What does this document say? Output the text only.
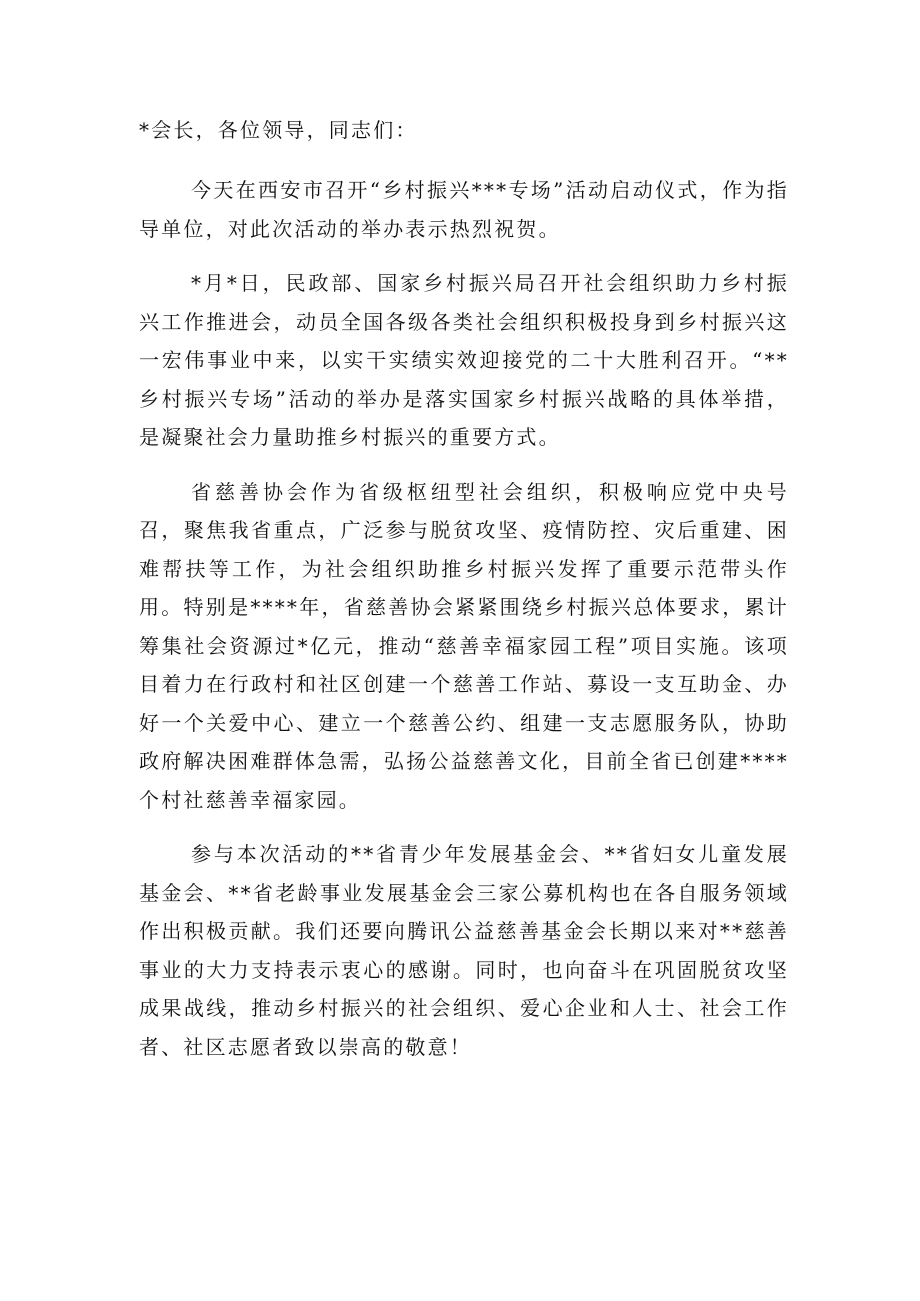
*会长，各位领导，同志们：

今天在西安市召开“乡村振兴***专场”活动启动仪式，作为指导单位，对此次活动的举办表示热烈祝贺。

*月*日，民政部、国家乡村振兴局召开社会组织助力乡村振兴工作推进会，动员全国各级各类社会组织积极投身到乡村振兴这一宏伟事业中来，以实干实绩实效迎接党的二十大胜利召开。“**乡村振兴专场”活动的举办是落实国家乡村振兴战略的具体举措，是凝聚社会力量助推乡村振兴的重要方式。

省慈善协会作为省级枢纽型社会组织，积极响应党中央号召，聚焦我省重点，广泛参与脱贫攻坚、疫情防控、灾后重建、困难帮扶等工作，为社会组织助推乡村振兴发挥了重要示范带头作用。特别是****年，省慈善协会紧紧围绕乡村振兴总体要求，累计筹集社会资源过*亿元，推动“慈善幸福家园工程”项目实施。该项目着力在行政村和社区创建一个慈善工作站、募设一支互助金、办好一个关爱中心、建立一个慈善公约、组建一支志愿服务队，协助政府解决困难群体急需，弘扬公益慈善文化，目前全省已创建****个村社慈善幸福家园。

参与本次活动的**省青少年发展基金会、**省妇女儿童发展基金会、**省老龄事业发展基金会三家公募机构也在各自服务领域作出积极贡献。我们还要向腾讯公益慈善基金会长期以来对**慈善事业的大力支持表示衷心的感谢。同时，也向奋斗在巩固脱贫攻坚成果战线，推动乡村振兴的社会组织、爱心企业和人士、社会工作者、社区志愿者致以崇高的敬意！
